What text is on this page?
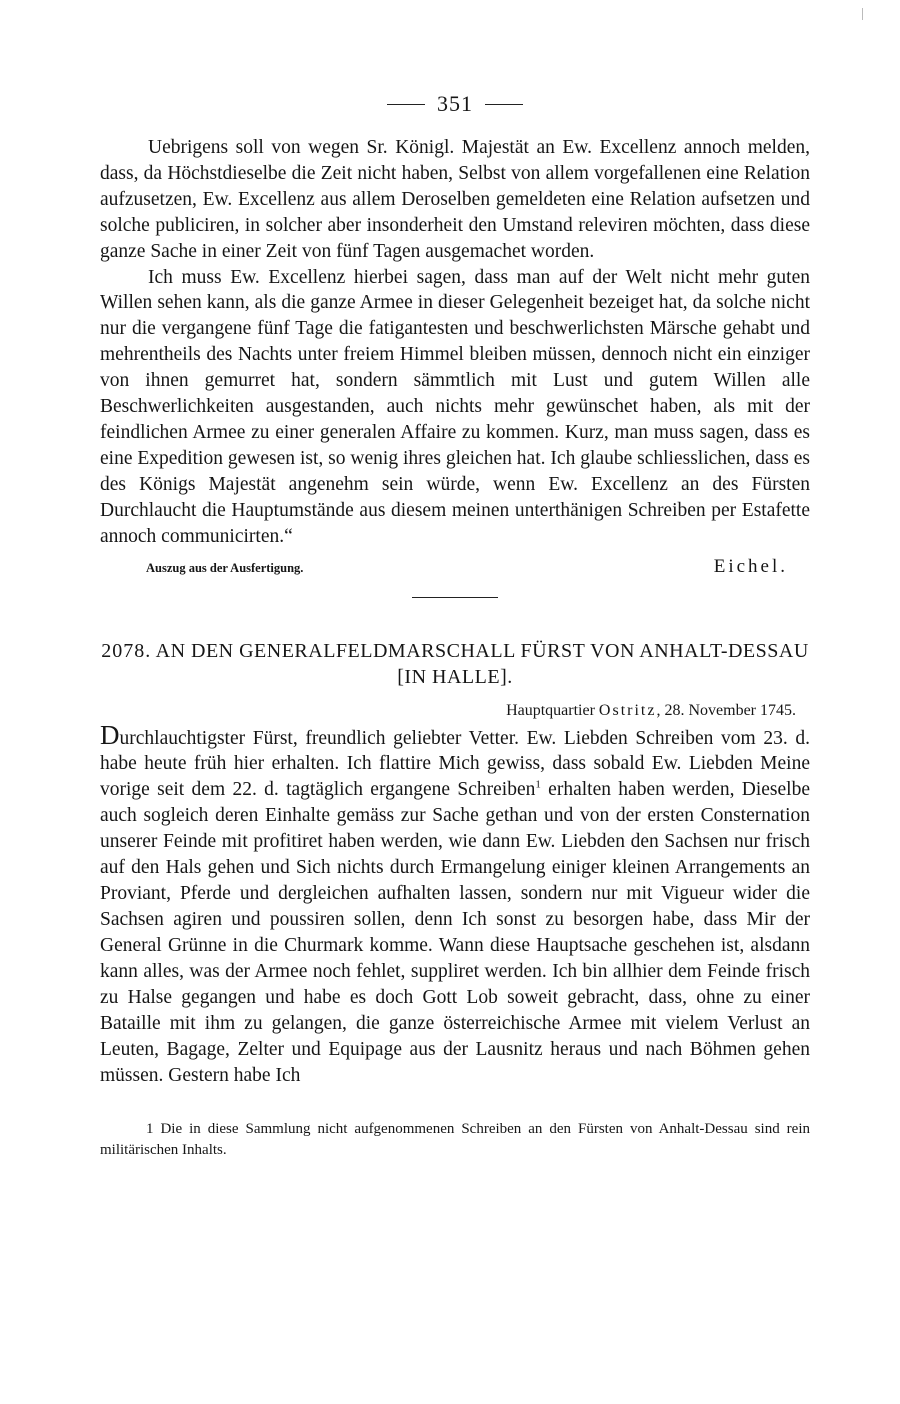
351

Uebrigens soll von wegen Sr. Königl. Majestät an Ew. Excellenz annoch melden, dass, da Höchstdieselbe die Zeit nicht haben, Selbst von allem vorgefallenen eine Relation aufzusetzen, Ew. Excellenz aus allem Deroselben gemeldeten eine Relation aufsetzen und solche publiciren, in solcher aber insonderheit den Umstand releviren möchten, dass diese ganze Sache in einer Zeit von fünf Tagen ausgemachet worden.

Ich muss Ew. Excellenz hierbei sagen, dass man auf der Welt nicht mehr guten Willen sehen kann, als die ganze Armee in dieser Gelegenheit bezeiget hat, da solche nicht nur die vergangene fünf Tage die fatigantesten und beschwerlichsten Märsche gehabt und mehrentheils des Nachts unter freiem Himmel bleiben müssen, dennoch nicht ein einziger von ihnen gemurret hat, sondern sämmtlich mit Lust und gutem Willen alle Beschwerlichkeiten ausgestanden, auch nichts mehr gewünschet haben, als mit der feindlichen Armee zu einer generalen Affaire zu kommen. Kurz, man muss sagen, dass es eine Expedition gewesen ist, so wenig ihres gleichen hat. Ich glaube schliesslichen, dass es des Königs Majestät angenehm sein würde, wenn Ew. Excellenz an des Fürsten Durchlaucht die Hauptumstände aus diesem meinen unterthänigen Schreiben per Estafette annoch communicirten.“

Auszug aus der Ausfertigung.	Eichel.
2078. AN DEN GENERALFELDMARSCHALL FÜRST VON ANHALT-DESSAU [IN HALLE].
Hauptquartier Ostritz, 28. November 1745.
Durchlauchtigster Fürst, freundlich geliebter Vetter. Ew. Liebden Schreiben vom 23. d. habe heute früh hier erhalten. Ich flattire Mich gewiss, dass sobald Ew. Liebden Meine vorige seit dem 22. d. tagtäglich ergangene Schreiben$^1$ erhalten haben werden, Dieselbe auch sogleich deren Einhalte gemäss zur Sache gethan und von der ersten Consternation unserer Feinde mit profitiret haben werden, wie dann Ew. Liebden den Sachsen nur frisch auf den Hals gehen und Sich nichts durch Ermangelung einiger kleinen Arrangements an Proviant, Pferde und dergleichen aufhalten lassen, sondern nur mit Vigueur wider die Sachsen agiren und poussiren sollen, denn Ich sonst zu besorgen habe, dass Mir der General Grünne in die Churmark komme. Wann diese Hauptsache geschehen ist, alsdann kann alles, was der Armee noch fehlet, suppliret werden. Ich bin allhier dem Feinde frisch zu Halse gegangen und habe es doch Gott Lob soweit gebracht, dass, ohne zu einer Bataille mit ihm zu gelangen, die ganze österreichische Armee mit vielem Verlust an Leuten, Bagage, Zelter und Equipage aus der Lausnitz heraus und nach Böhmen gehen müssen. Gestern habe Ich
1 Die in diese Sammlung nicht aufgenommenen Schreiben an den Fürsten von Anhalt-Dessau sind rein militärischen Inhalts.
